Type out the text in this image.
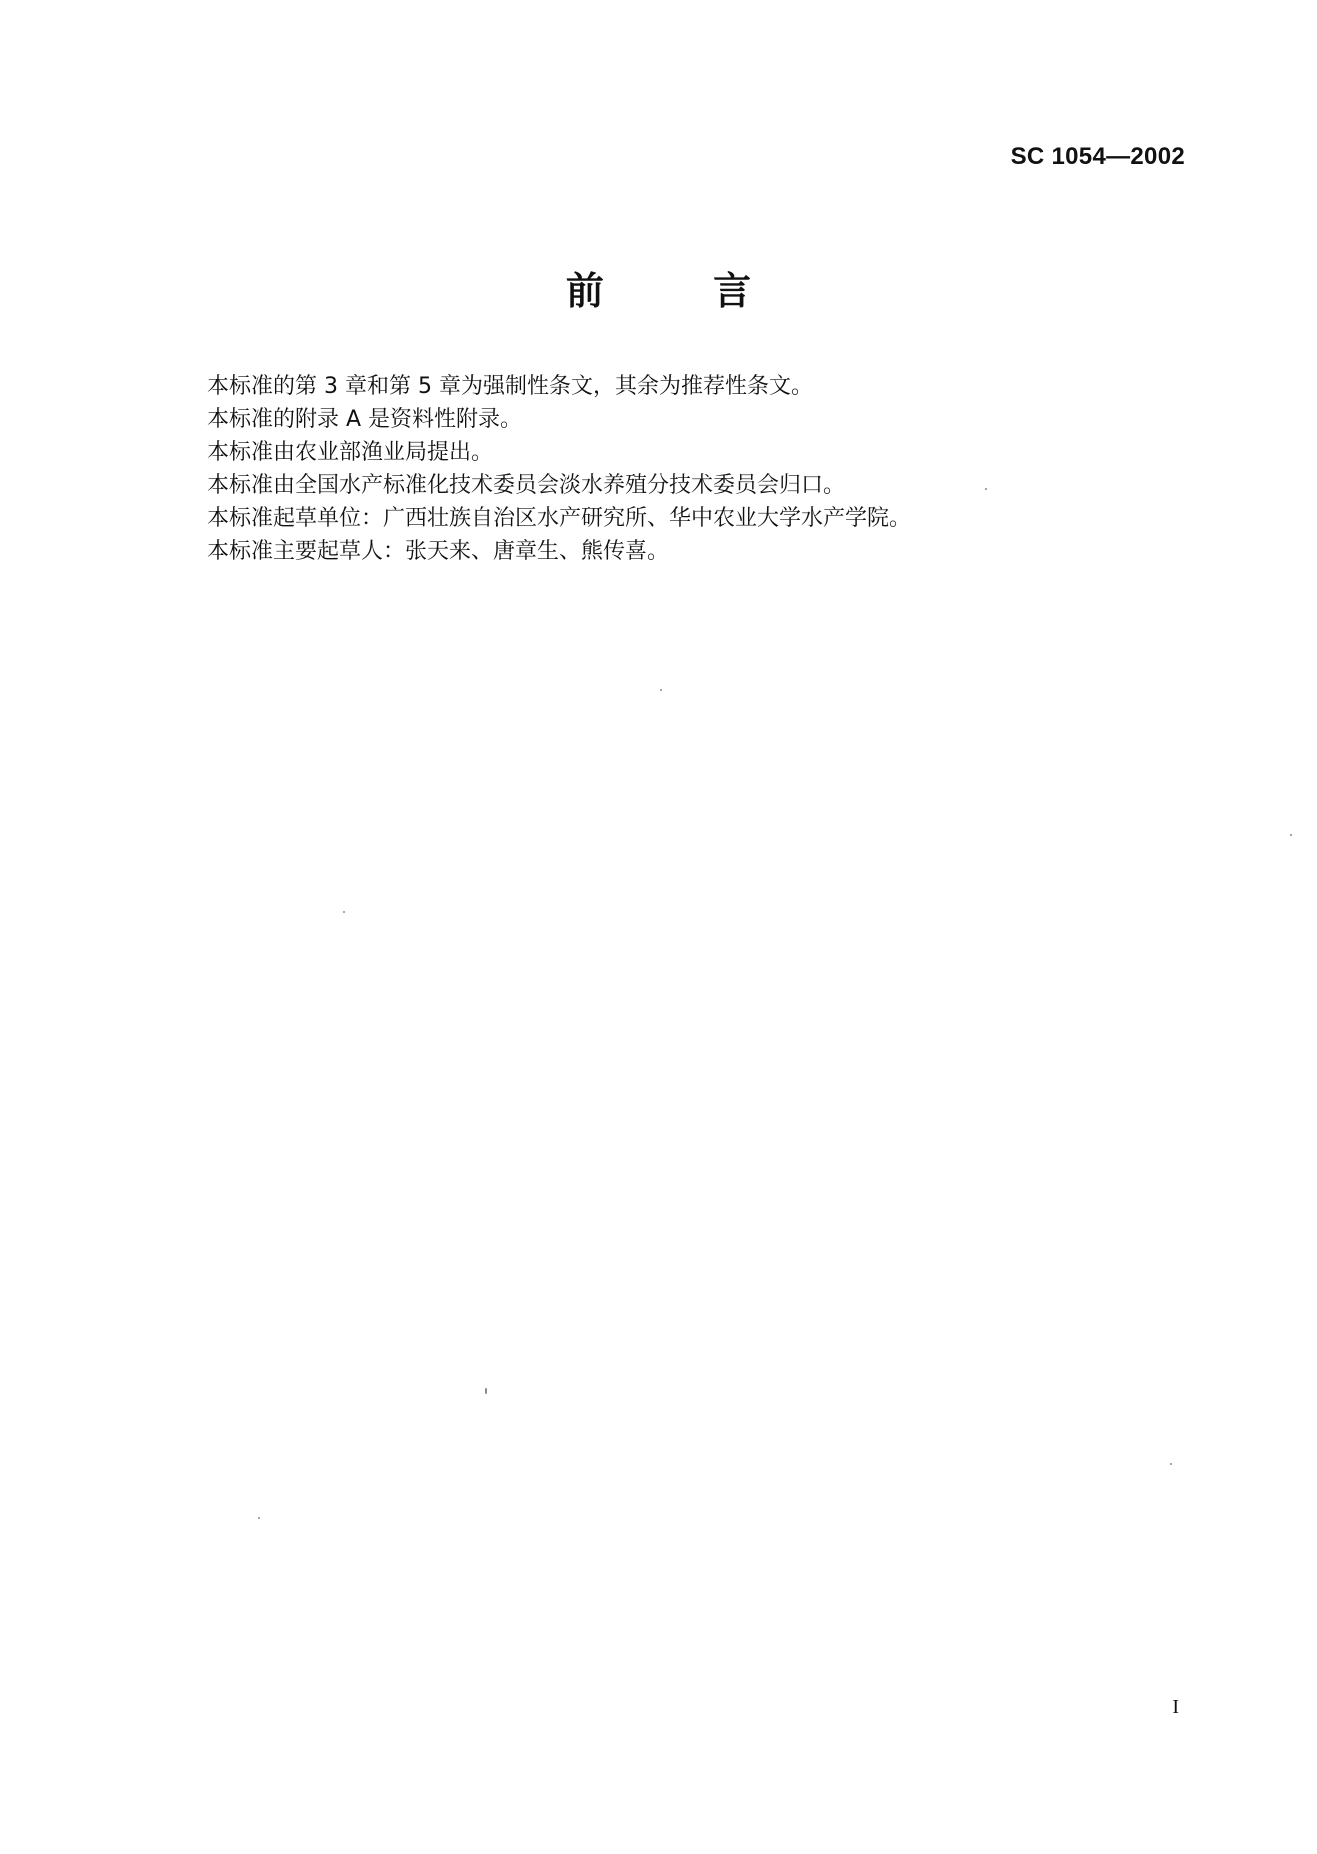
SC 1054—2002
前 言

本标准的第 3 章和第 5 章为强制性条文，其余为推荐性条文。

本标准的附录 A 是资料性附录。

本标准由农业部渔业局提出。

本标准由全国水产标准化技术委员会淡水养殖分技术委员会归口。

本标准起草单位：广西壮族自治区水产研究所、华中农业大学水产学院。

本标准主要起草人：张天来、唐章生、熊传喜。

I
